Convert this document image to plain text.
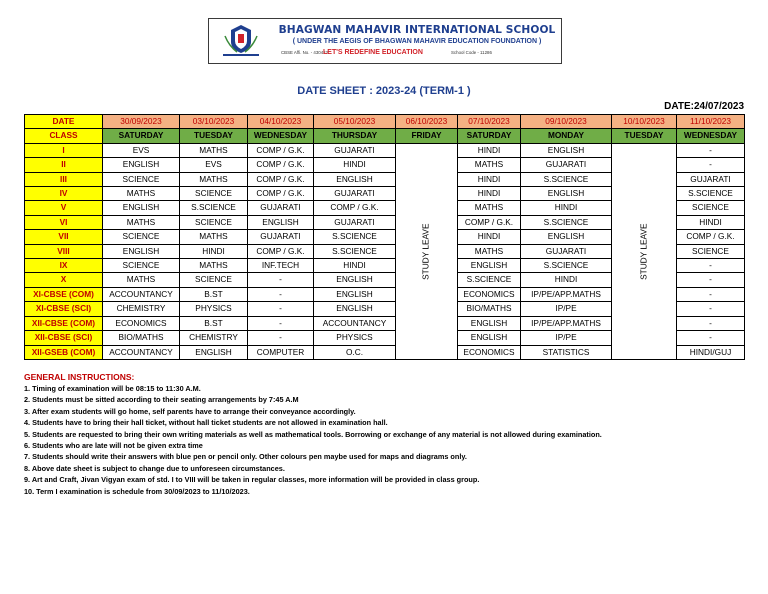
BHAGWAN MAHAVIR INTERNATIONAL SCHOOL
( UNDER THE AEGIS OF BHAGWAN MAHAVIR EDUCATION FOUNDATION )
CBSE Affi. No. - 430422
LET'S REDEFINE EDUCATION	School Code - 11286
DATE SHEET : 2023-24 (TERM-1 )
DATE:24/07/2023
DATE	30/09/2023	03/10/2023	04/10/2023	05/10/2023	06/10/2023	07/10/2023	09/10/2023	10/10/2023	11/10/2023
CLASS	SATURDAY	TUESDAY	WEDNESDAY	THURSDAY	FRIDAY	SATURDAY	MONDAY	TUESDAY	WEDNESDAY
I	EVS	MATHS	COMP / G.K.	GUJARATI	STUDY LEAVE	HINDI	ENGLISH	STUDY LEAVE	-
II	ENGLISH	EVS	COMP / G.K.	HINDI		MATHS	GUJARATI		-
III	SCIENCE	MATHS	COMP / G.K.	ENGLISH		HINDI	S.SCIENCE		GUJARATI
IV	MATHS	SCIENCE	COMP / G.K.	GUJARATI		HINDI	ENGLISH		S.SCIENCE
V	ENGLISH	S.SCIENCE	GUJARATI	COMP / G.K.		MATHS	HINDI		SCIENCE
VI	MATHS	SCIENCE	ENGLISH	GUJARATI		COMP / G.K.	S.SCIENCE		HINDI
VII	SCIENCE	MATHS	GUJARATI	S.SCIENCE		HINDI	ENGLISH		COMP / G.K.
VIII	ENGLISH	HINDI	COMP / G.K.	S.SCIENCE		MATHS	GUJARATI		SCIENCE
IX	SCIENCE	MATHS	INF.TECH	HINDI		ENGLISH	S.SCIENCE		-
X	MATHS	SCIENCE	-	ENGLISH		S.SCIENCE	HINDI		-
XI-CBSE (COM)	ACCOUNTANCY	B.ST	-	ENGLISH		ECONOMICS	IP/PE/APP.MATHS		-
XI-CBSE (SCI)	CHEMISTRY	PHYSICS	-	ENGLISH		BIO/MATHS	IP/PE		-
XII-CBSE (COM)	ECONOMICS	B.ST	-	ACCOUNTANCY		ENGLISH	IP/PE/APP.MATHS		-
XII-CBSE (SCI)	BIO/MATHS	CHEMISTRY	-	PHYSICS		ENGLISH	IP/PE		-
XII-GSEB (COM)	ACCOUNTANCY	ENGLISH	COMPUTER	O.C.		ECONOMICS	STATISTICS		HINDI/GUJ
GENERAL INSTRUCTIONS:
1. Timing of examination will be 08:15 to 11:30 A.M.
2. Students must be sitted according to their seating arrangements by 7:45 A.M
3. After exam students will go home, self parents have to arrange their conveyance accordingly.
4. Students have to bring their hall ticket, without hall ticket students are not allowed in examination hall.
5. Students are requested to bring their own writing materials as well as mathematical tools. Borrowing or exchange of any material is not allowed during examination.
6. Students who are late will not be given extra time
7. Students should write their answers with blue pen or pencil only. Other colours pen maybe used for maps and diagrams only.
8. Above date sheet is subject to change due to unforeseen circumstances.
9. Art and Craft, Jivan Vigyan exam of std. I to VIII will be taken in regular classes, more information will be provided in class group.
10. Term I examination is schedule from 30/09/2023 to 11/10/2023.
